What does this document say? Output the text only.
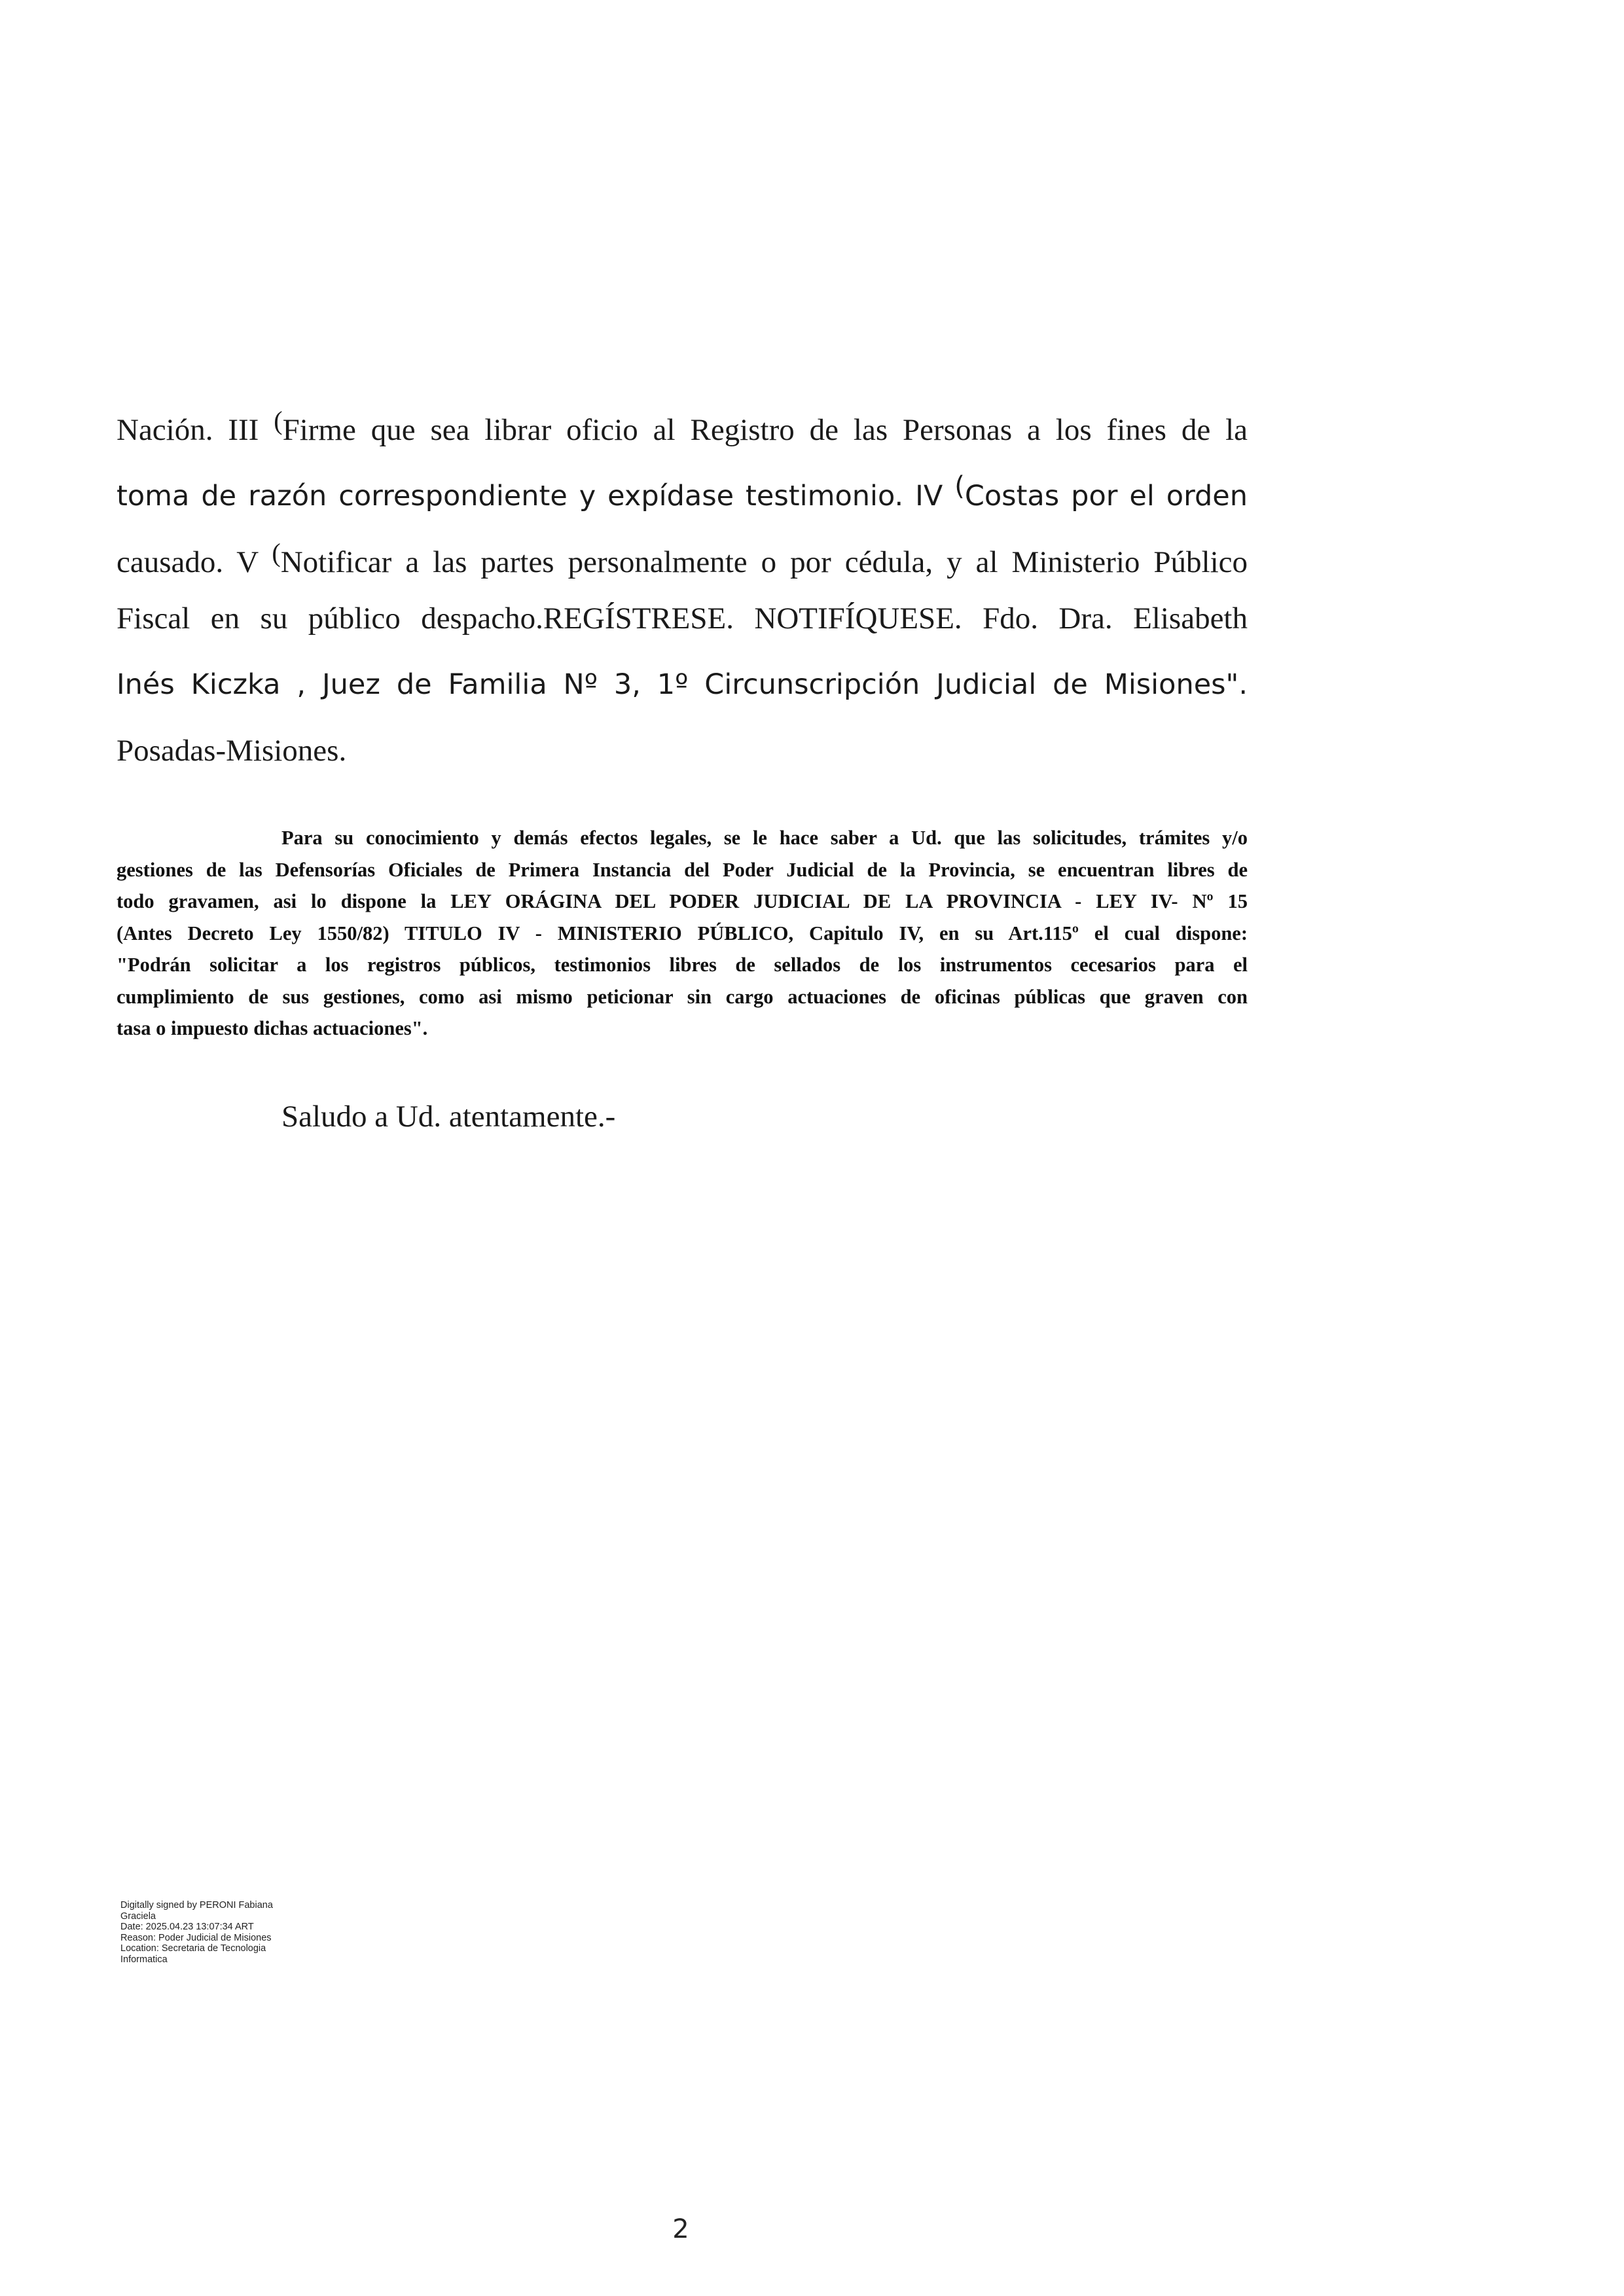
Nación. III (Firme que sea librar oficio al Registro de las Personas a los fines de la
toma de razón correspondiente y expídase testimonio. IV (Costas por el orden
causado. V (Notificar a las partes personalmente o por cédula, y al Ministerio Público
Fiscal en su público despacho.REGÍSTRESE. NOTIFÍQUESE. Fdo. Dra. Elisabeth
Inés Kiczka , Juez de Familia Nº 3, 1º Circunscripción Judicial de Misiones".
Posadas-Misiones.
Para su conocimiento y demás efectos legales, se le hace saber a Ud. que las solicitudes, trámites y/o
gestiones de las Defensorías Oficiales de Primera Instancia del Poder Judicial de la Provincia, se encuentran libres de
todo gravamen, asi lo dispone la LEY ORÁGINA DEL PODER JUDICIAL DE LA PROVINCIA - LEY IV- Nº 15
(Antes Decreto Ley 1550/82) TITULO IV - MINISTERIO PÚBLICO, Capitulo IV, en su Art.115º el cual dispone:
"Podrán solicitar a los registros públicos, testimonios libres de sellados de los instrumentos cecesarios para el
cumplimiento de sus gestiones, como asi mismo peticionar sin cargo actuaciones de oficinas públicas que graven con
tasa o impuesto dichas actuaciones".
Saludo a Ud. atentamente.-
Digitally signed by PERONI Fabiana
Graciela
Date: 2025.04.23 13:07:34 ART
Reason: Poder Judicial de Misiones
Location: Secretaria de Tecnologia
Informatica
2
